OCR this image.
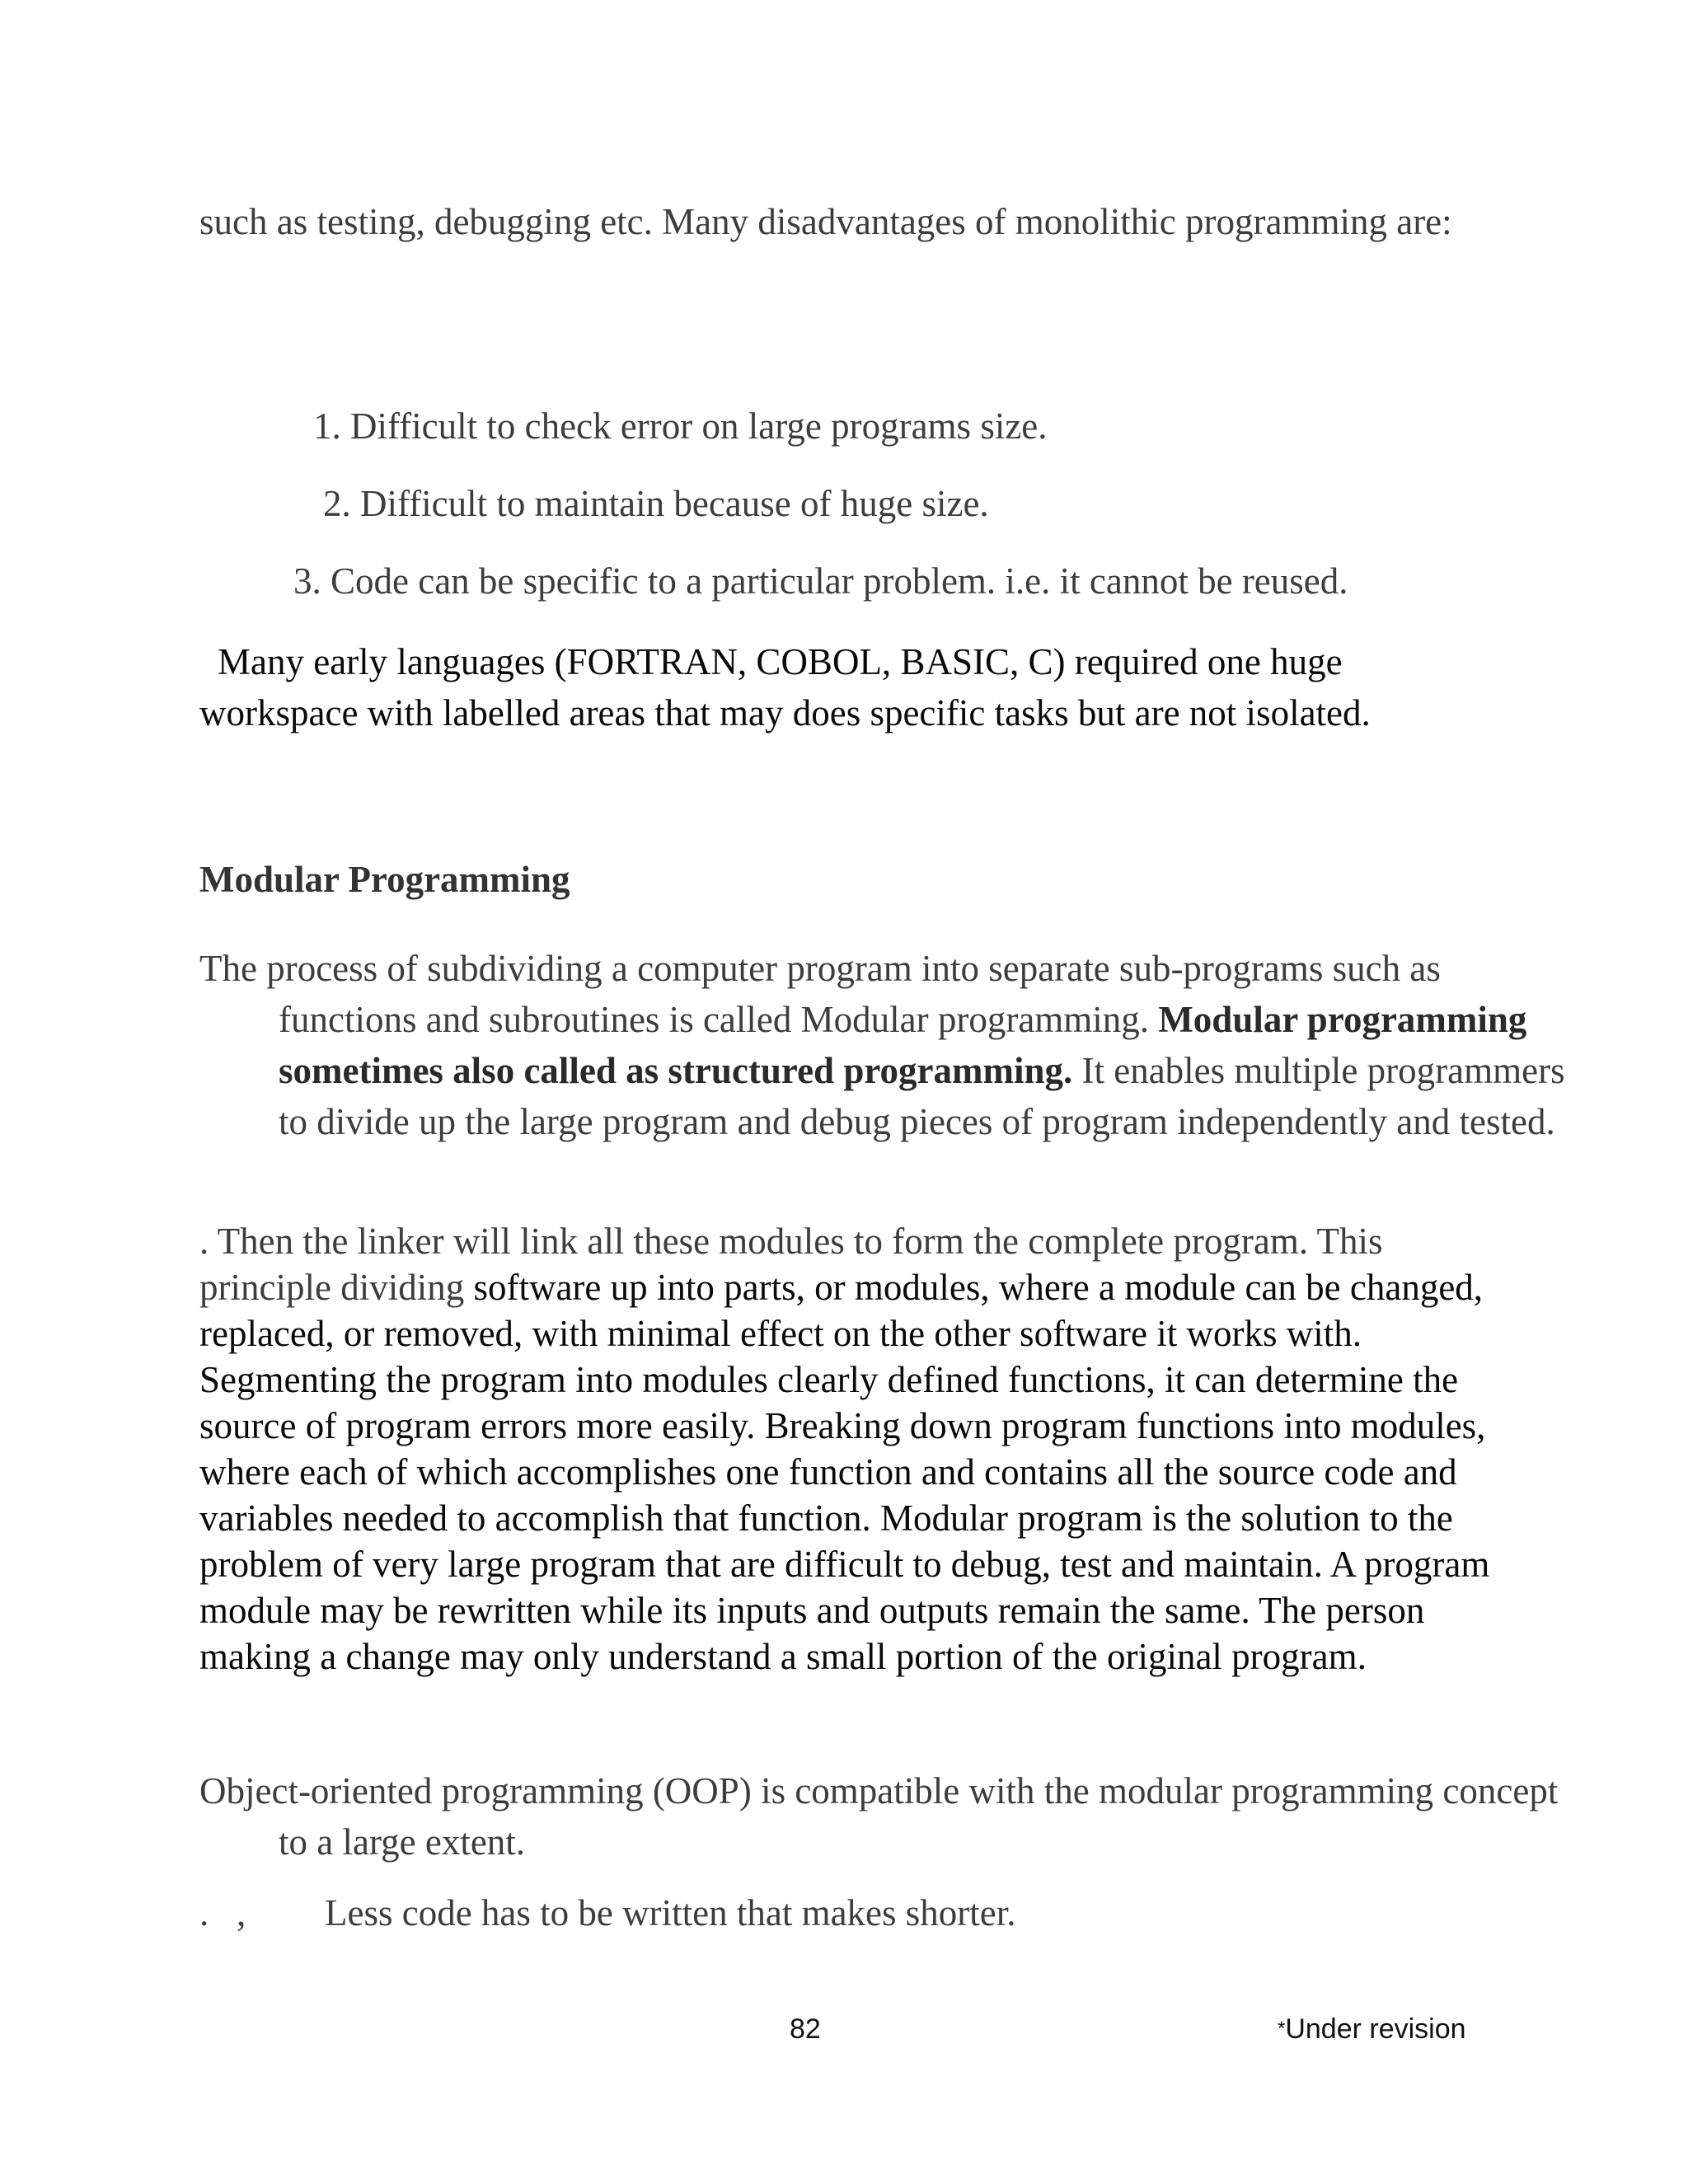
such as testing, debugging etc. Many disadvantages of monolithic programming are:

1. Difficult to check error on large programs size.
2. Difficult to maintain because of huge size.
3. Code can be specific to a particular problem. i.e. it cannot be reused.

Many early languages (FORTRAN, COBOL, BASIC, C) required one huge workspace with labelled areas that may does specific tasks but are not isolated.

Modular Programming

The process of subdividing a computer program into separate sub-programs such as functions and subroutines is called Modular programming. Modular programming sometimes also called as structured programming. It enables multiple programmers to divide up the large program and debug pieces of program independently and tested.

. Then the linker will link all these modules to form the complete program. This principle dividing software up into parts, or modules, where a module can be changed, replaced, or removed, with minimal effect on the other software it works with. Segmenting the program into modules clearly defined functions, it can determine the source of program errors more easily. Breaking down program functions into modules, where each of which accomplishes one function and contains all the source code and variables needed to accomplish that function. Modular program is the solution to the problem of very large program that are difficult to debug, test and maintain. A program module may be rewritten while its inputs and outputs remain the same. The person making a change may only understand a small portion of the original program.

Object-oriented programming (OOP) is compatible with the modular programming concept to a large extent.

.   , Less code has to be written that makes shorter.
82	*Under revision
